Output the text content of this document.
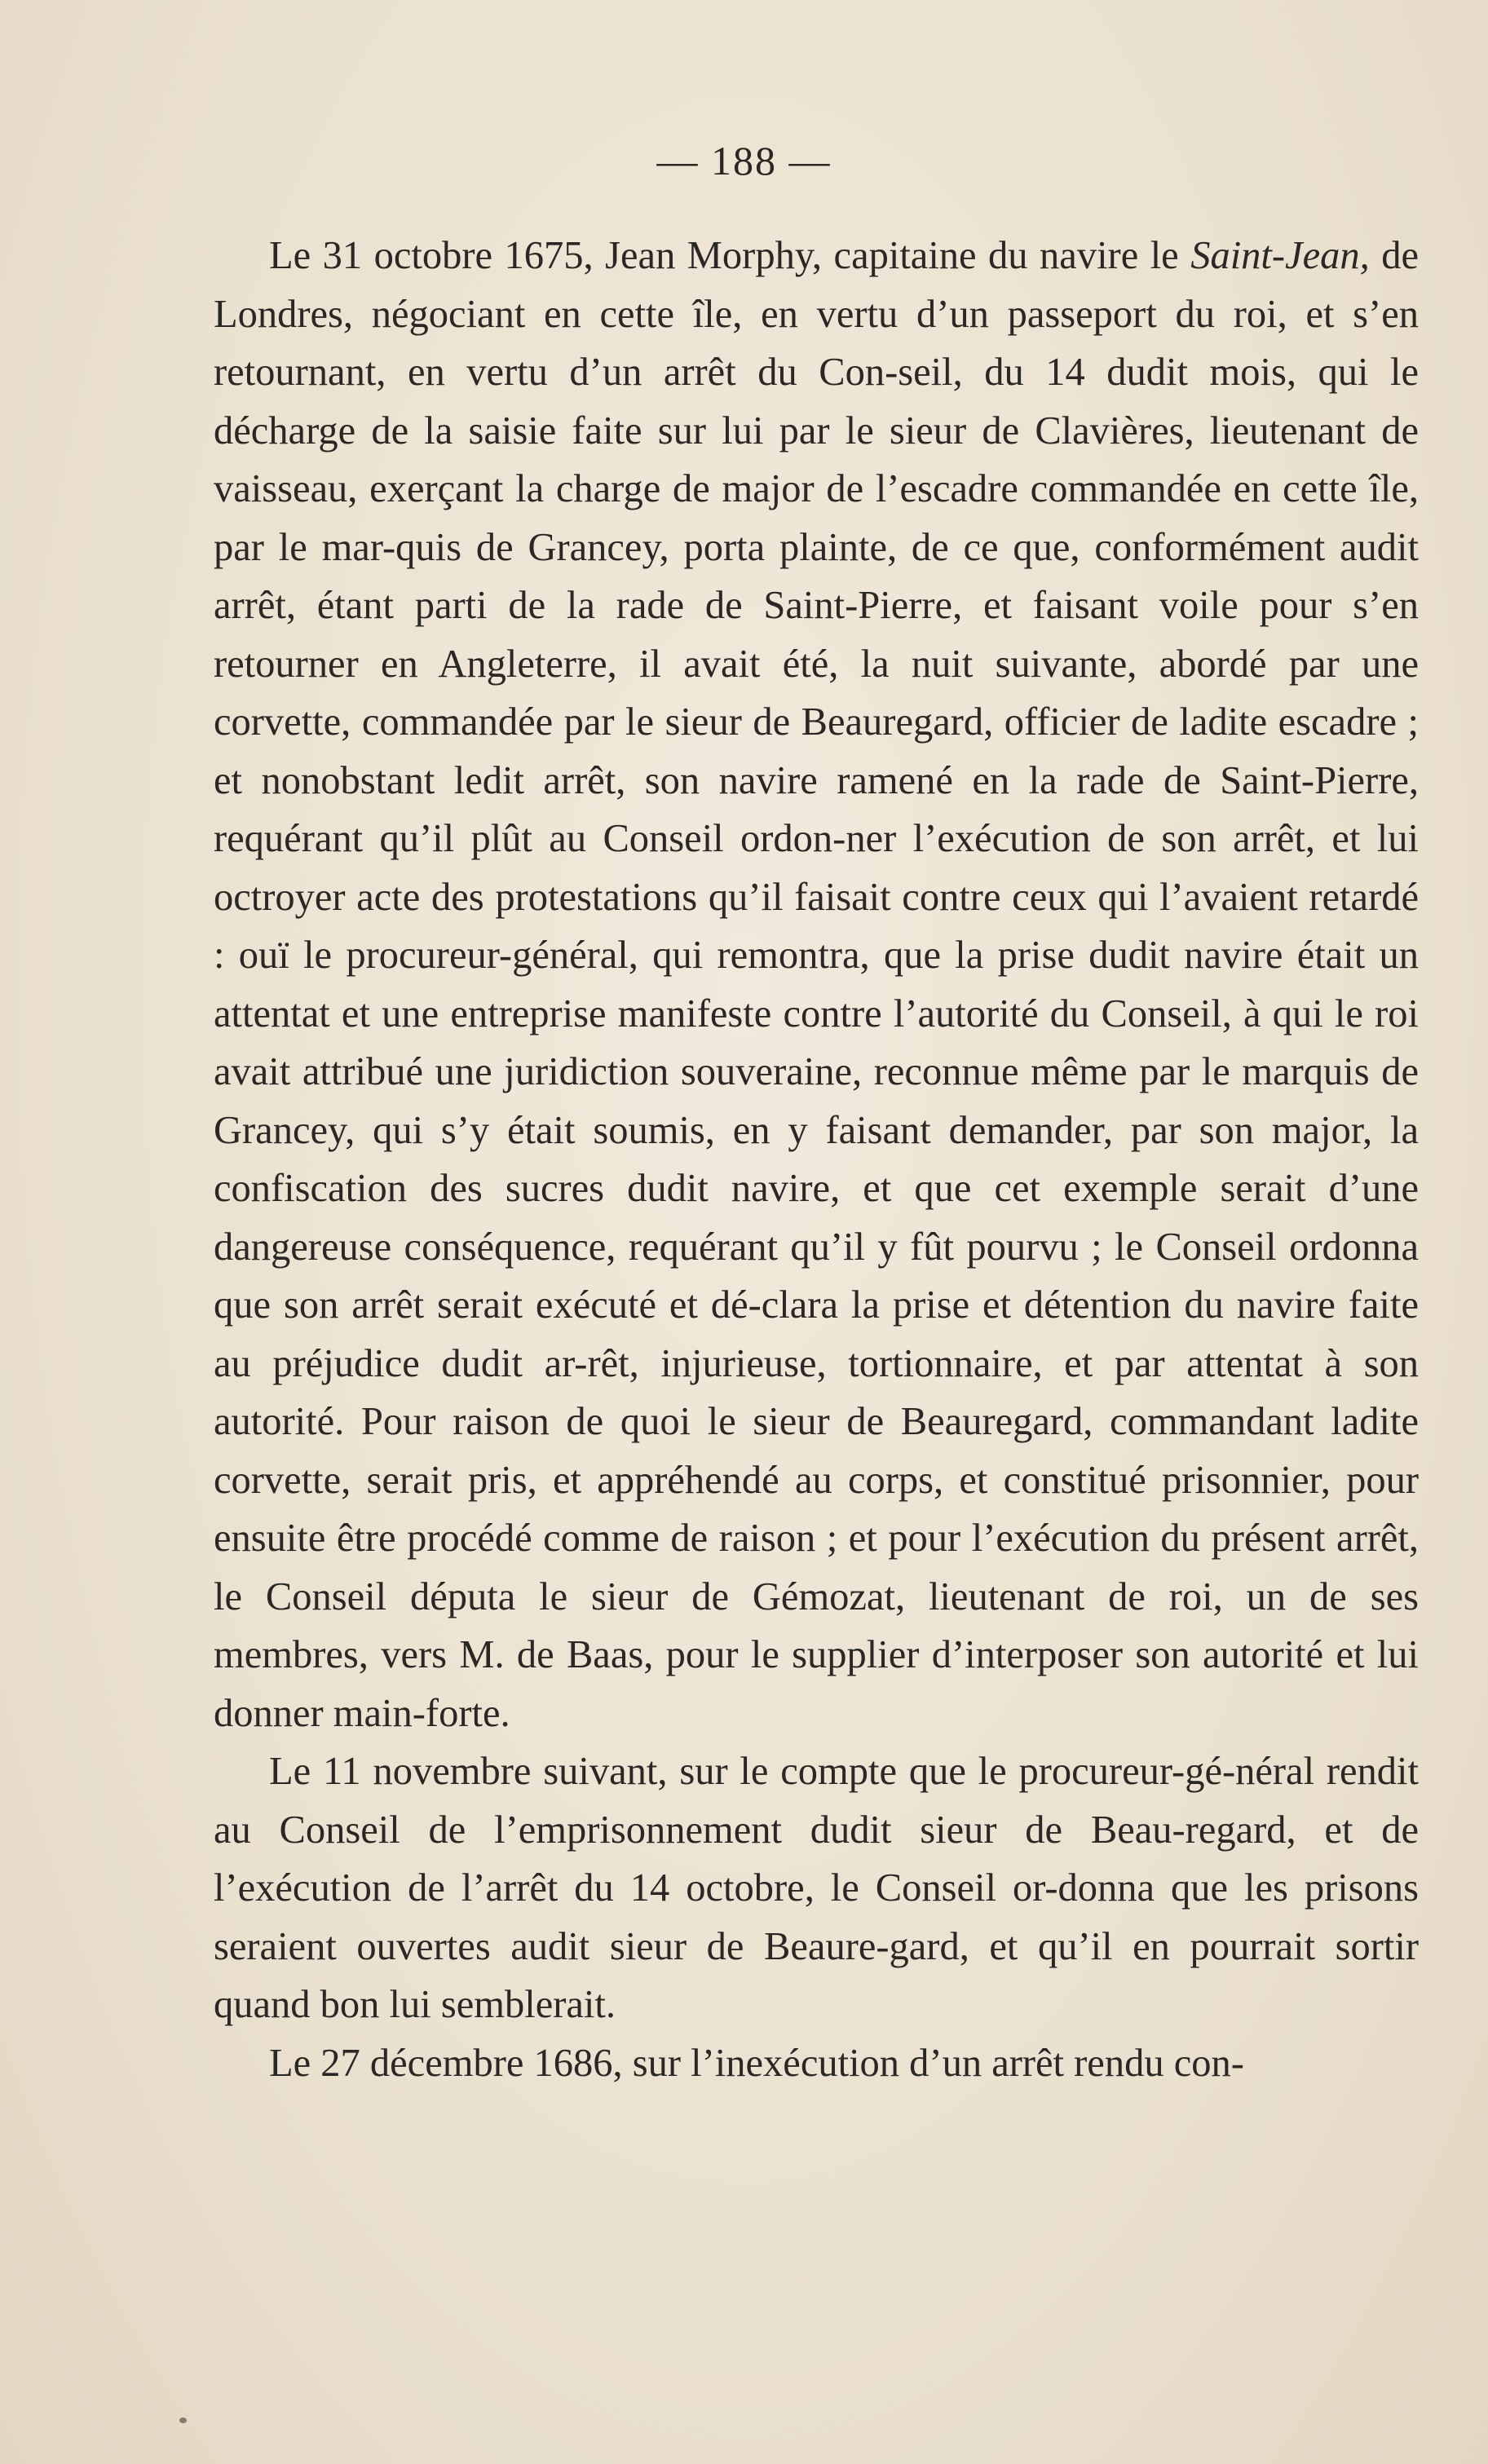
— 188 —

Le 31 octobre 1675, Jean Morphy, capitaine du navire le Saint-Jean, de Londres, négociant en cette île, en vertu d’un passeport du roi, et s’en retournant, en vertu d’un arrêt du Con-seil, du 14 dudit mois, qui le décharge de la saisie faite sur lui par le sieur de Clavières, lieutenant de vaisseau, exerçant la charge de major de l’escadre commandée en cette île, par le mar-quis de Grancey, porta plainte, de ce que, conformément audit arrêt, étant parti de la rade de Saint-Pierre, et faisant voile pour s’en retourner en Angleterre, il avait été, la nuit suivante, abordé par une corvette, commandée par le sieur de Beauregard, officier de ladite escadre ; et nonobstant ledit arrêt, son navire ramené en la rade de Saint-Pierre, requérant qu’il plût au Conseil ordon-ner l’exécution de son arrêt, et lui octroyer acte des protestations qu’il faisait contre ceux qui l’avaient retardé : ouï le procureur-général, qui remontra, que la prise dudit navire était un attentat et une entreprise manifeste contre l’autorité du Conseil, à qui le roi avait attribué une juridiction souveraine, reconnue même par le marquis de Grancey, qui s’y était soumis, en y faisant demander, par son major, la confiscation des sucres dudit navire, et que cet exemple serait d’une dangereuse conséquence, requérant qu’il y fût pourvu ; le Conseil ordonna que son arrêt serait exécuté et dé-clara la prise et détention du navire faite au préjudice dudit ar-rêt, injurieuse, tortionnaire, et par attentat à son autorité. Pour raison de quoi le sieur de Beauregard, commandant ladite corvette, serait pris, et appréhendé au corps, et constitué prisonnier, pour ensuite être procédé comme de raison ; et pour l’exécution du présent arrêt, le Conseil députa le sieur de Gémozat, lieutenant de roi, un de ses membres, vers M. de Baas, pour le supplier d’interposer son autorité et lui donner main-forte.

Le 11 novembre suivant, sur le compte que le procureur-gé-néral rendit au Conseil de l’emprisonnement dudit sieur de Beau-regard, et de l’exécution de l’arrêt du 14 octobre, le Conseil or-donna que les prisons seraient ouvertes audit sieur de Beaure-gard, et qu’il en pourrait sortir quand bon lui semblerait.

Le 27 décembre 1686, sur l’inexécution d’un arrêt rendu con-
